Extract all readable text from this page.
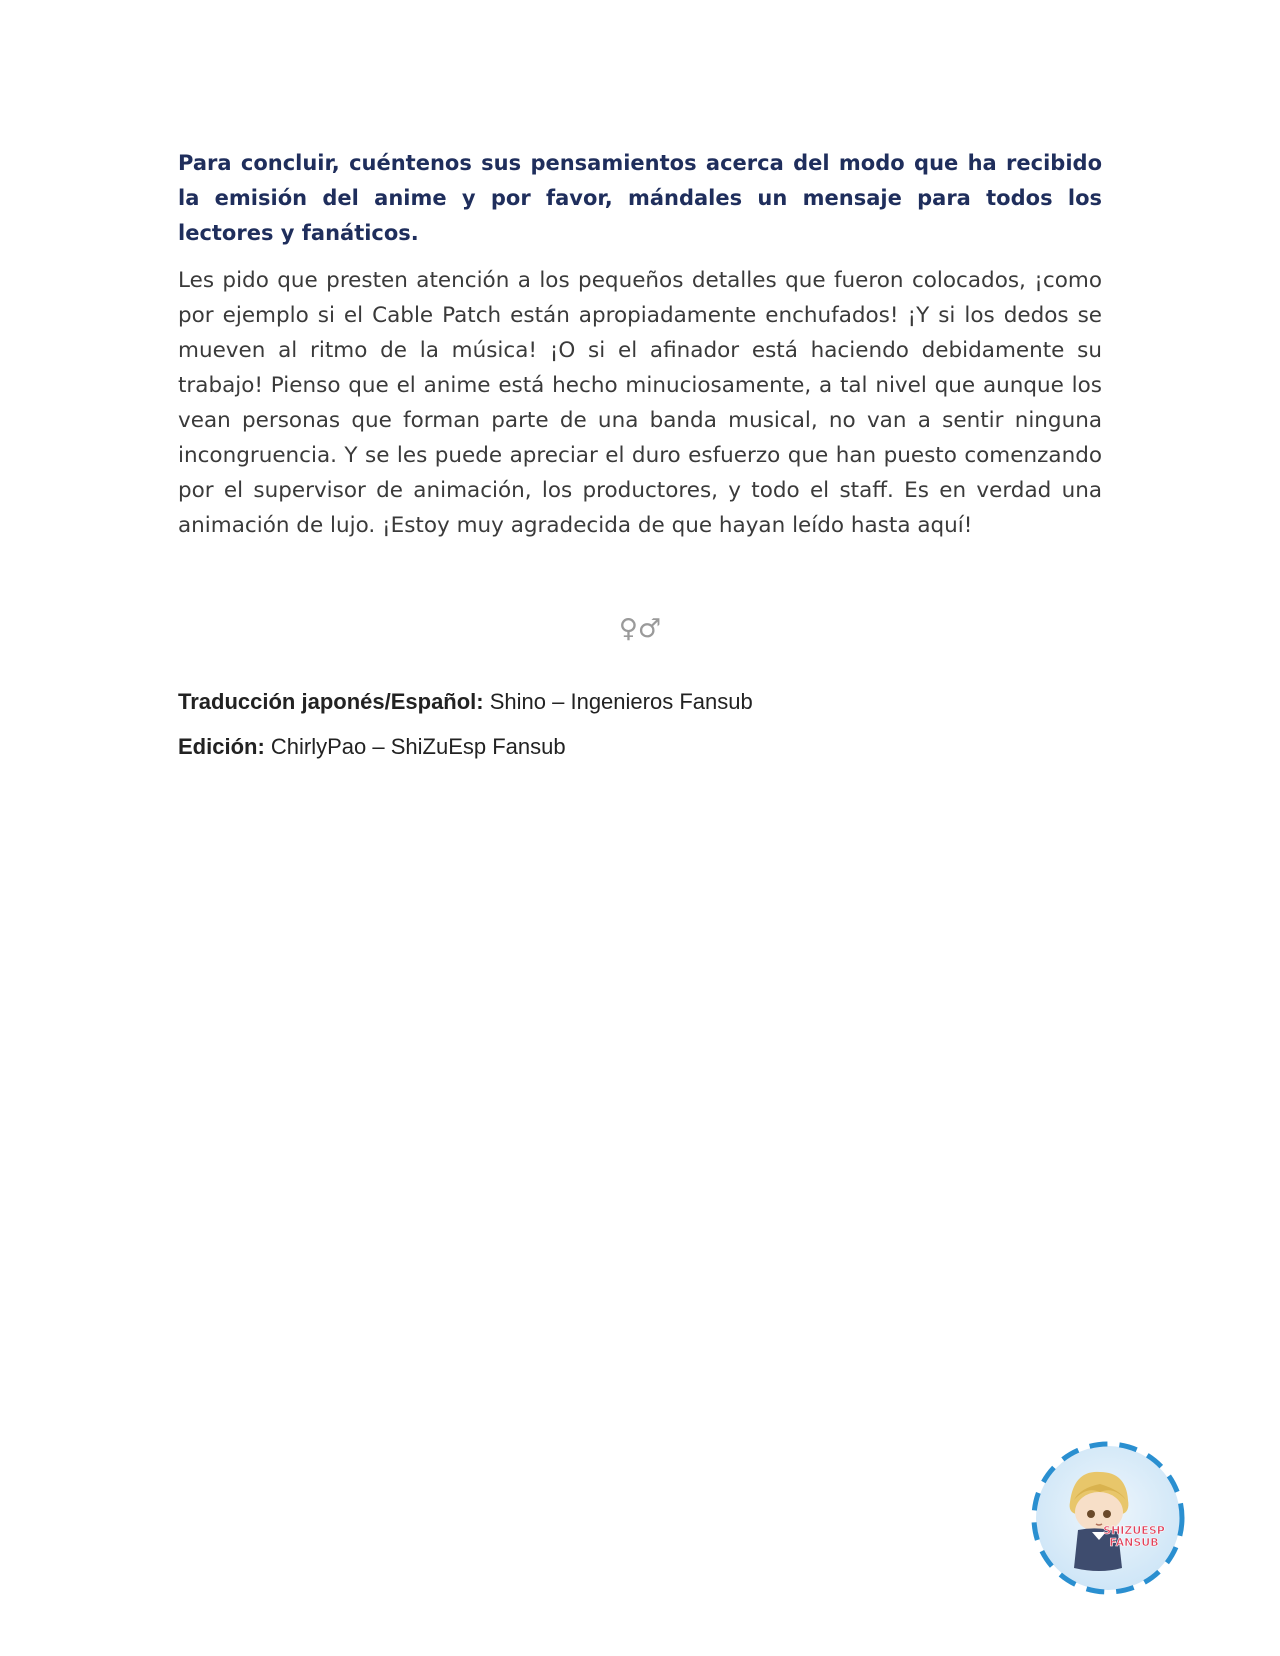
Para concluir, cuéntenos sus pensamientos acerca del modo que ha recibido la emisión del anime y por favor, mándales un mensaje para todos los lectores y fanáticos.

Les pido que presten atención a los pequeños detalles que fueron colocados, ¡como por ejemplo si el Cable Patch están apropiadamente enchufados! ¡Y si los dedos se mueven al ritmo de la música! ¡O si el afinador está haciendo debidamente su trabajo! Pienso que el anime está hecho minuciosamente, a tal nivel que aunque los vean personas que forman parte de una banda musical, no van a sentir ninguna incongruencia. Y se les puede apreciar el duro esfuerzo que han puesto comenzando por el supervisor de animación, los productores, y todo el staff. Es en verdad una animación de lujo. ¡Estoy muy agradecida de que hayan leído hasta aquí!

♀♂

Traducción japonés/Español: Shino – Ingenieros Fansub

Edición: ChirlyPao – ShiZuEsp Fansub

SHIZUESP
FANSUB
